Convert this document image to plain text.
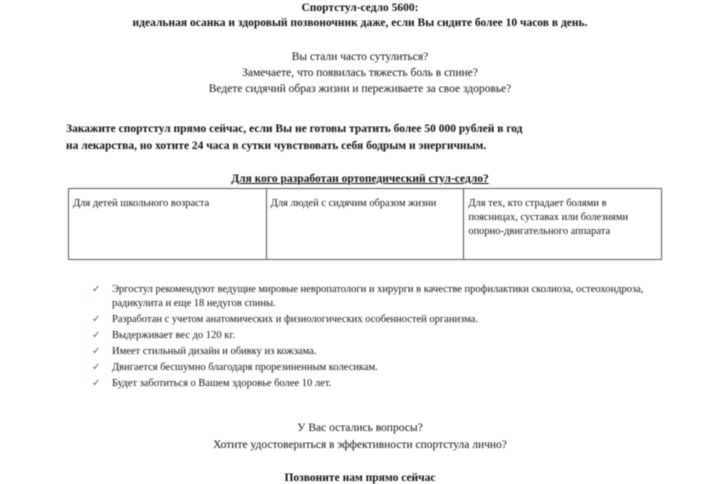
Спортстул-седло 5600:
идеальная осанка и здоровый позвоночник даже, если Вы сидите более 10 часов в день.
Вы стали часто сутулиться?
Замечаете, что появилась тяжесть боль в спине?
Ведете сидячий образ жизни и переживаете за свое здоровье?
Закажите спортстул прямо сейчас, если Вы не готовы тратить более 50 000 рублей в год
на лекарства, но хотите 24 часа в сутки чувствовать себя бодрым и энергичным.
Для кого разработан ортопедический стул-седло?
Для детей школьного возраста	Для людей с сидячим образом жизни	Для тех, кто страдает болями в поясницах, суставах или болезнями опорно-двигательного аппарата
✓ Эргостул рекомендуют ведущие мировые невропатологи и хирурги в качестве профилактики сколиоза, остеохондроза, радикулита и еще 18 недугов спины.
✓ Разработан с учетом анатомических и физиологических особенностей организма.
✓ Выдерживает вес до 120 кг.
✓ Имеет стильный дизайн и обивку из кожзама.
✓ Двигается бесшумно благодаря прорезиненным колесикам.
✓ Будет заботиться о Вашем здоровье более 10 лет.
У Вас остались вопросы?
Хотите удостовериться в эффективности спортстула лично?
Позвоните нам прямо сейчас
